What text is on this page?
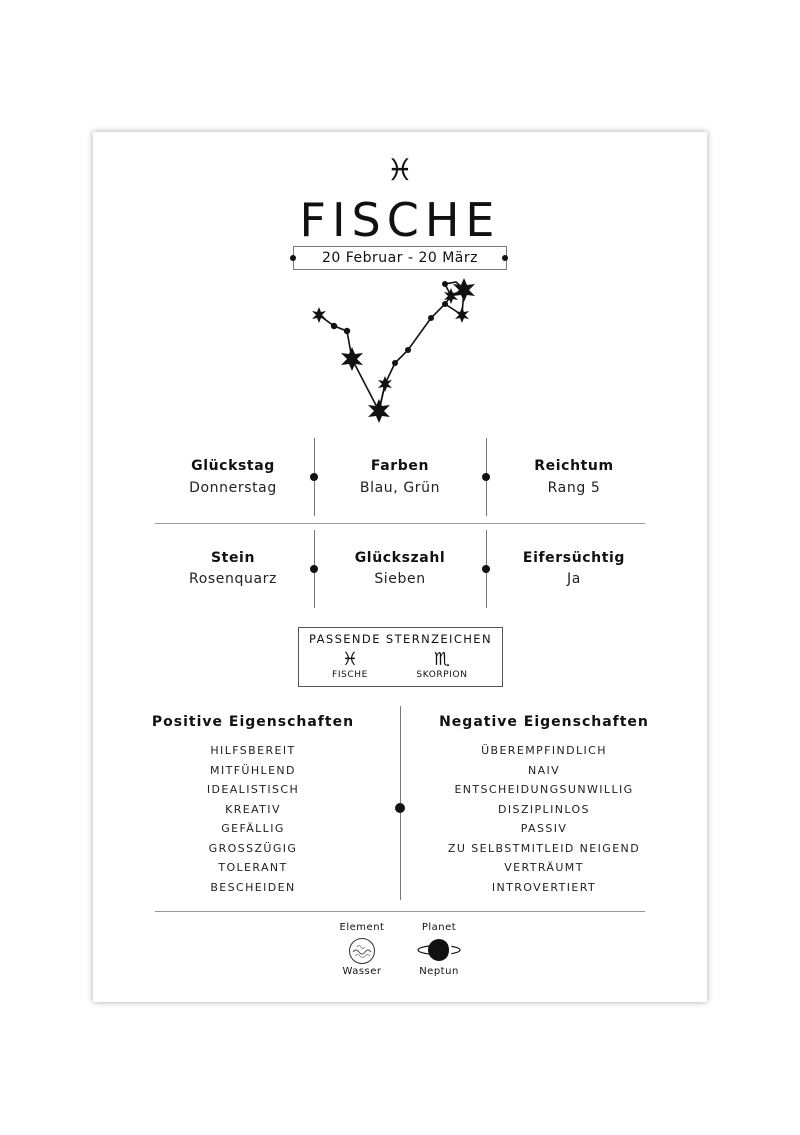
♓
FISCHE
20 Februar - 20 März
Glückstag
Donnerstag
Farben
Blau, Grün
Reichtum
Rang 5
Stein
Rosenquarz
Glückszahl
Sieben
Eifersüchtig
Ja
PASSENDE STERNZEICHEN
♓
FISCHE
♏
SKORPION
Positive Eigenschaften	Negative Eigenschaften
HILFSBEREIT
MITFÜHLEND
IDEALISTISCH
KREATIV
GEFÄLLIG
GROSSZÜGIG
TOLERANT
BESCHEIDEN
ÜBEREMPFINDLICH
NAIV
ENTSCHEIDUNGSUNWILLIG
DISZIPLINLOS
PASSIV
ZU SELBSTMITLEID NEIGEND
VERTRÄUMT
INTROVERTIERT
Element
Wasser
Planet
Neptun
